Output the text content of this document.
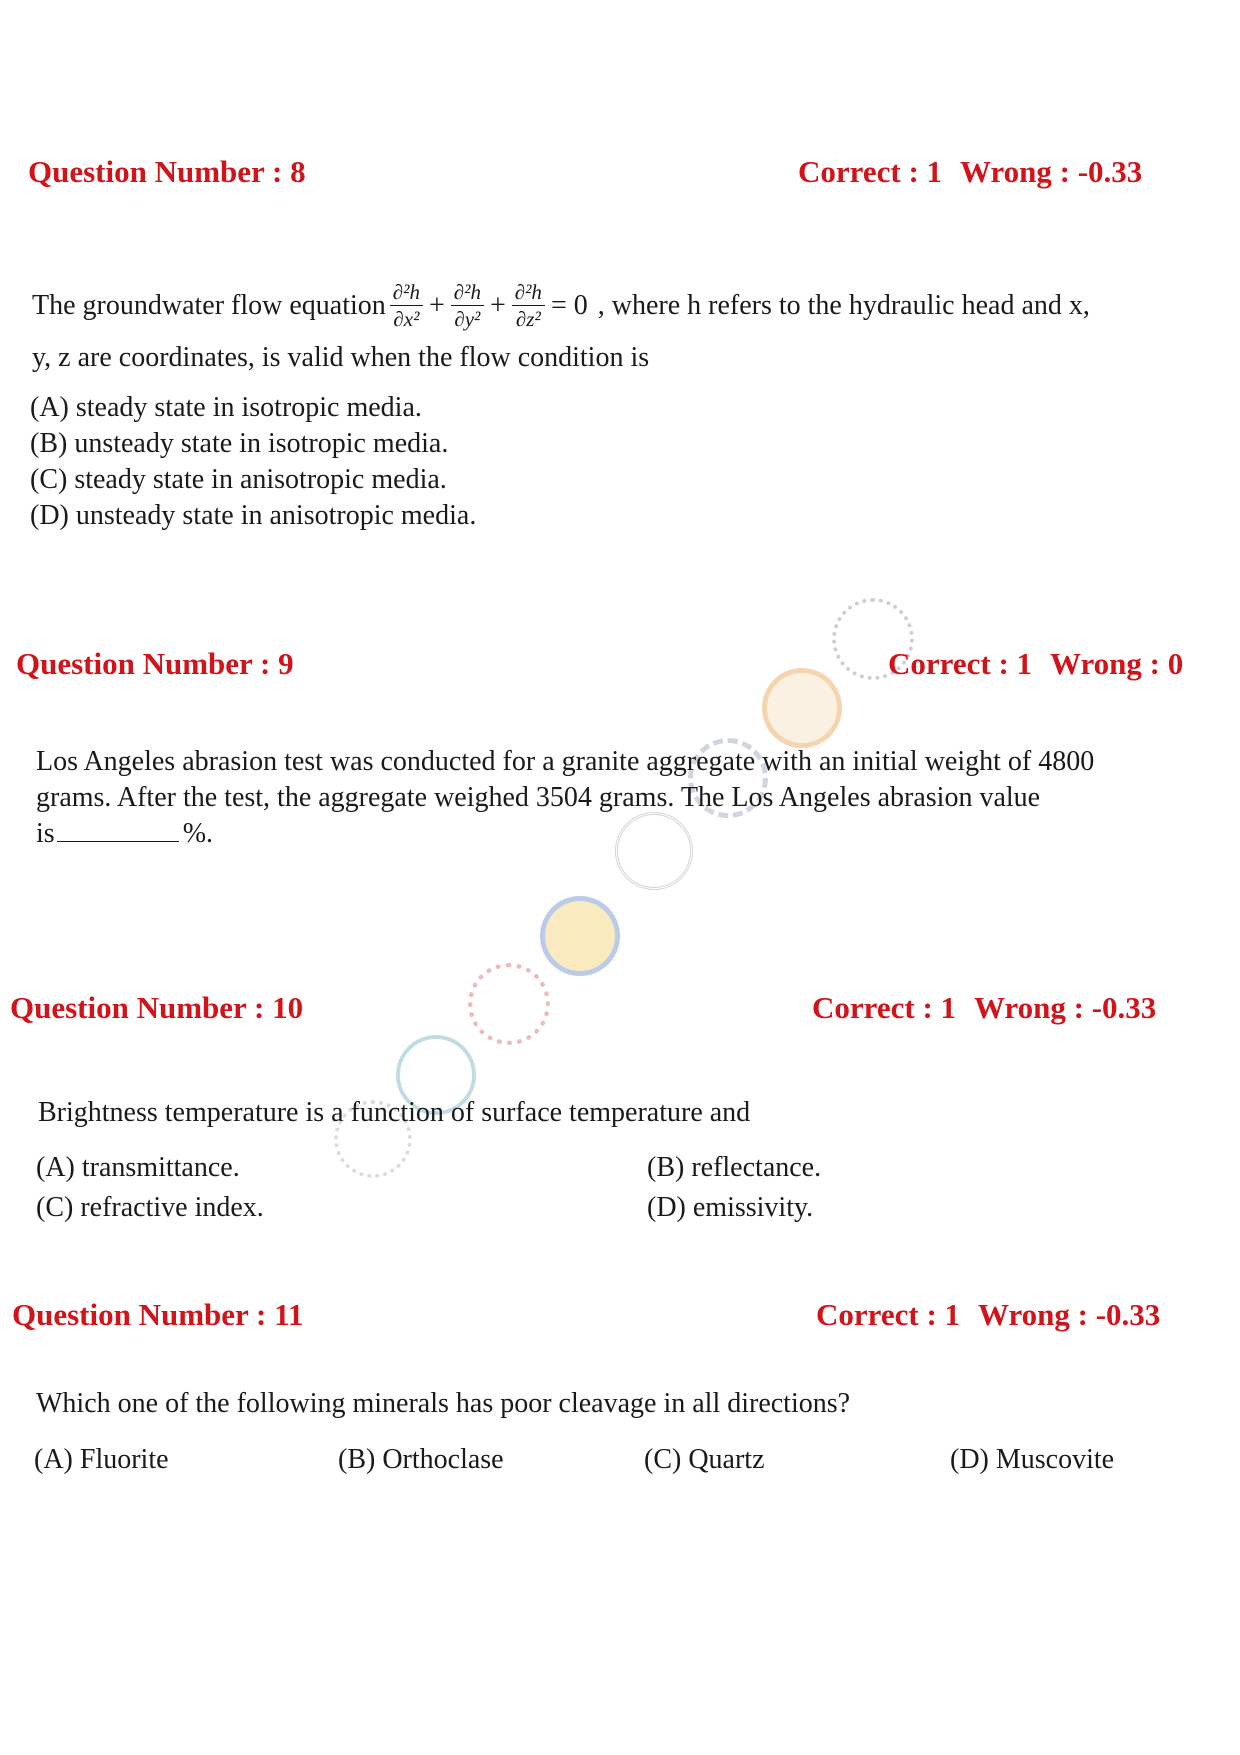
Question Number : 8	Correct : 1 Wrong : -0.33
The groundwater flow equation $\frac{\text{∂²h}}{\text{∂x²}} + \frac{\text{∂²h}}{\text{∂y²}} + \frac{\text{∂²h}}{\text{∂z²}} = 0$ , where h refers to the hydraulic head and x,
y, z are coordinates, is valid when the flow condition is
(A) steady state in isotropic media.
(B) unsteady state in isotropic media.
(C) steady state in anisotropic media.
(D) unsteady state in anisotropic media.
Question Number : 9	Correct : 1 Wrong : 0
Los Angeles abrasion test was conducted for a granite aggregate with an initial weight of 4800
grams. After the test, the aggregate weighed 3504 grams. The Los Angeles abrasion value
is	%.
Question Number : 10	Correct : 1 Wrong : -0.33
Brightness temperature is a function of surface temperature and
(A) transmittance.	(B) reflectance.
(C) refractive index.	(D) emissivity.
Question Number : 11	Correct : 1 Wrong : -0.33
Which one of the following minerals has poor cleavage in all directions?
(A) Fluorite	(B) Orthoclase	(C) Quartz	(D) Muscovite
